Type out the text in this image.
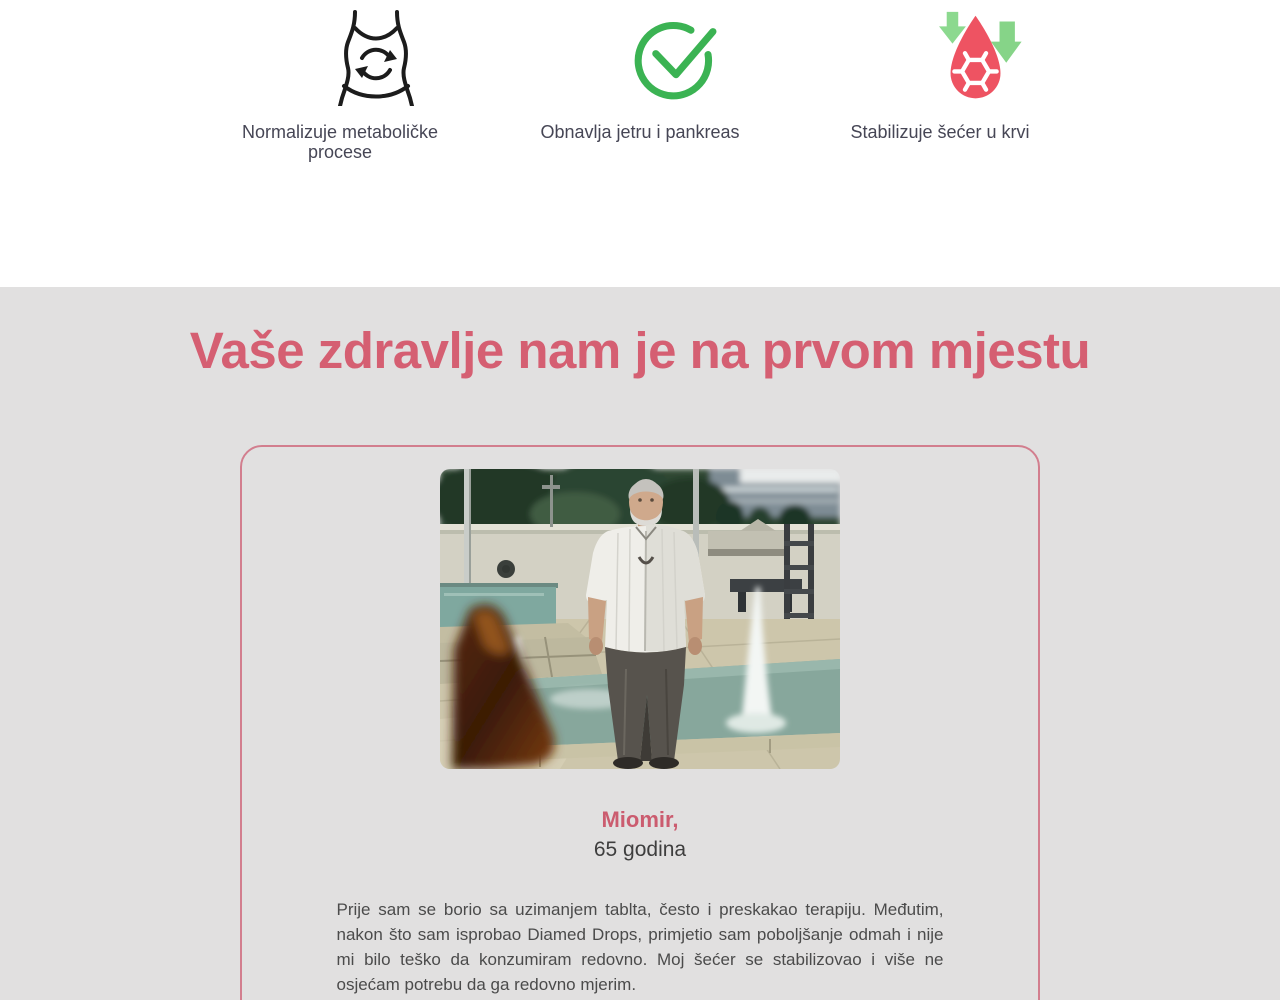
Normalizuje metaboličke procese
Obnavlja jetru i pankreas	Stabilizuje šećer u krvi
Vaše zdravlje nam je na prvom mjestu
Miomir,
65 godina

Prije sam se borio sa uzimanjem tablta, često i preskakao terapiju. Međutim, nakon što sam isprobao Diamed Drops, primjetio sam poboljšanje odmah i nije mi bilo teško da konzumiram redovno. Moj šećer se stabilizovao i više ne osjećam potrebu da ga redovno mjerim.
